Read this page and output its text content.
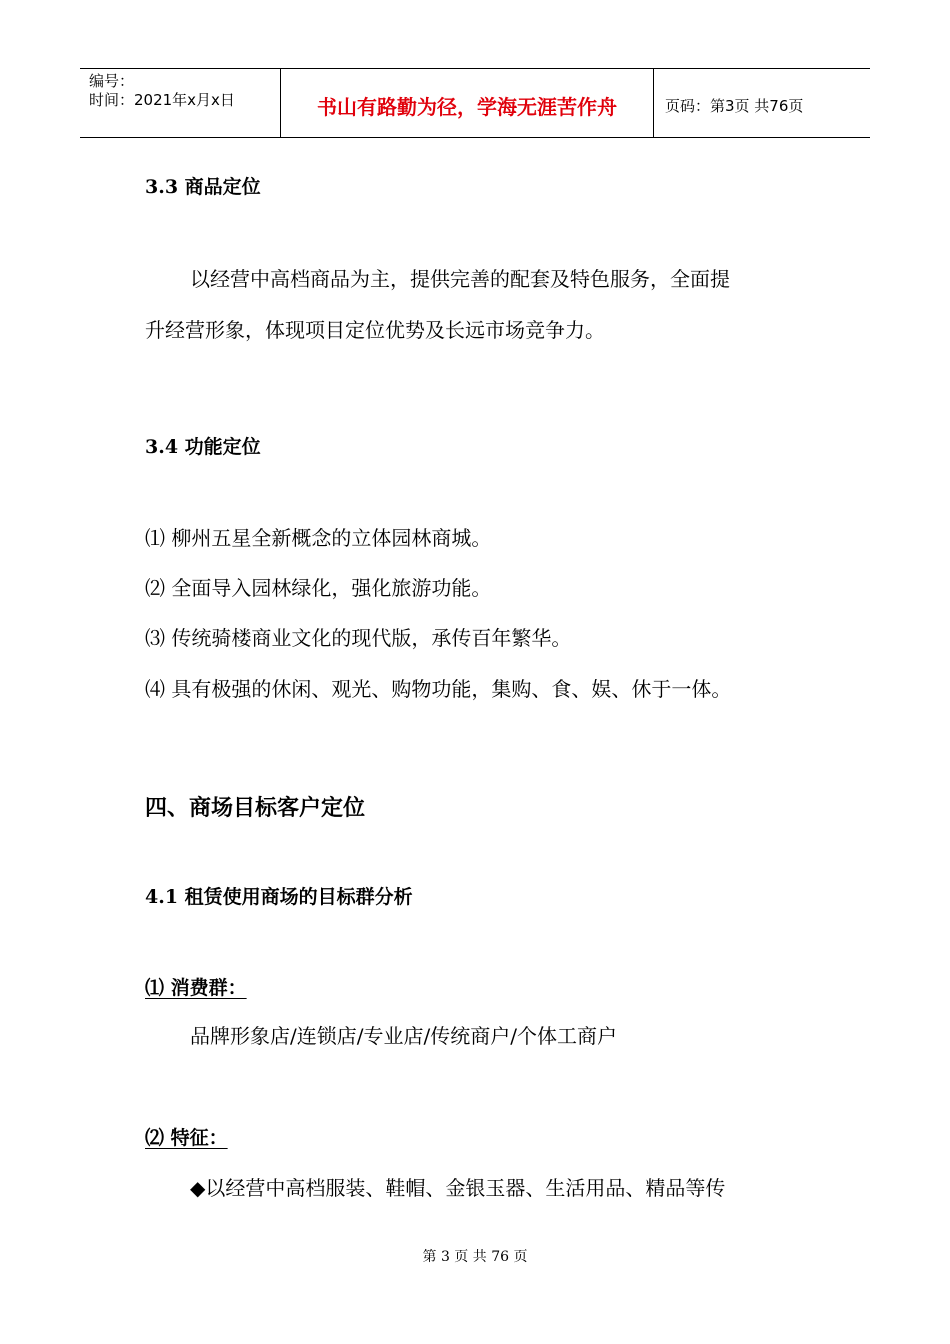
编号：
时间：2021年x月x日	书山有路勤为径，学海无涯苦作舟	页码：第3页 共76页
3.3 商品定位
以经营中高档商品为主，提供完善的配套及特色服务，全面提
升经营形象，体现项目定位优势及长远市场竞争力。
3.4 功能定位
⑴ 柳州五星全新概念的立体园林商城。
⑵ 全面导入园林绿化，强化旅游功能。
⑶ 传统骑楼商业文化的现代版，承传百年繁华。
⑷ 具有极强的休闲、观光、购物功能，集购、食、娱、休于一体。
四、商场目标客户定位
4.1 租赁使用商场的目标群分析
⑴ 消费群：
品牌形象店/连锁店/专业店/传统商户/个体工商户
⑵ 特征：
◆以经营中高档服装、鞋帽、金银玉器、生活用品、精品等传
第 3 页 共 76 页
